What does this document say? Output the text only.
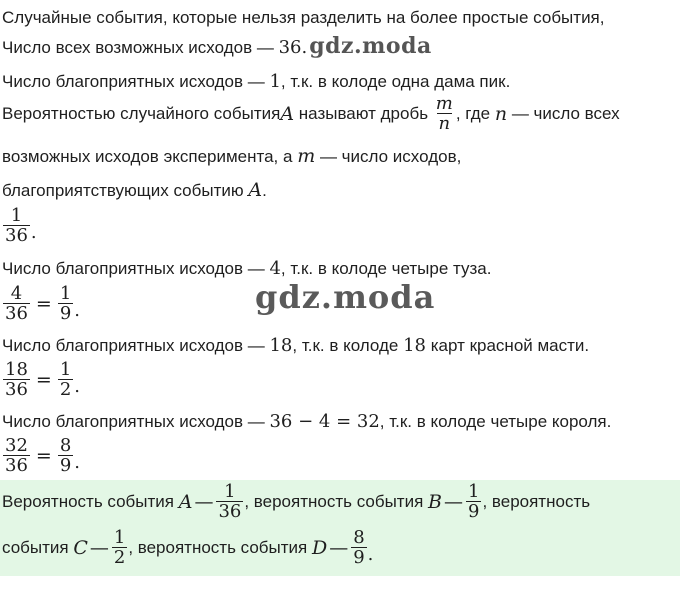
Случайные события, которые нельзя разделить на более простые события,
Число всех возможных исходов — 36.gdz.moda
Число благоприятных исходов — 1, т.к. в колоде одна дама пик.
Вероятностью случайного события A называют дробь $\frac{m}{n}$ , где n — число всех
возможных исходов эксперимента, а m — число исходов,
благоприятствующих событию A.
$\frac{1}{36}$ .
Число благоприятных исходов — 4, т.к. в колоде четыре туза.
gdz.moda
$\frac{4}{36} = \frac{1}{9}$ .
Число благоприятных исходов — 18, т.к. в колоде 18 карт красной масти.
$\frac{18}{36} = \frac{1}{2}$ .
Число благоприятных исходов — 36 − 4 = 32, т.к. в колоде четыре короля.
$\frac{32}{36} = \frac{8}{9}$ .
Вероятность события A — $\frac{1}{36}$ , вероятность события B — $\frac{1}{9}$ , вероятность
события C — $\frac{1}{2}$ , вероятность события D — $\frac{8}{9}$ .
